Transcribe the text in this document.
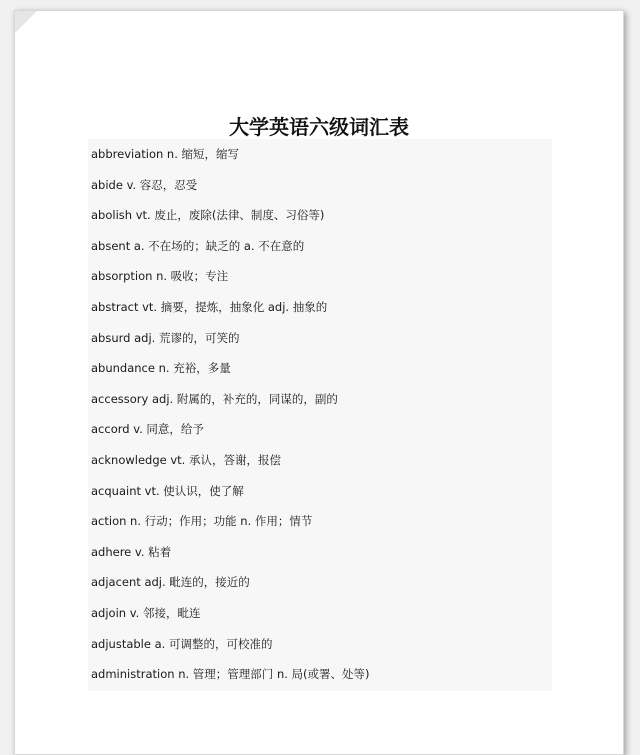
大学英语六级词汇表
abbreviation n. 缩短，缩写
abide v. 容忍，忍受
abolish vt. 废止，废除(法律、制度、习俗等)
absent a. 不在场的；缺乏的 a. 不在意的
absorption n. 吸收；专注
abstract vt. 摘要，提炼，抽象化 adj. 抽象的
absurd adj. 荒谬的，可笑的
abundance n. 充裕，多量
accessory adj. 附属的，补充的，同谋的，副的
accord v. 同意，给予
acknowledge vt. 承认，答谢，报偿
acquaint vt. 使认识，使了解
action n. 行动；作用；功能 n. 作用；情节
adhere v. 粘着
adjacent adj. 毗连的，接近的
adjoin v. 邻接，毗连
adjustable a. 可调整的，可校准的
administration n. 管理；管理部门 n. 局(或署、处等)
